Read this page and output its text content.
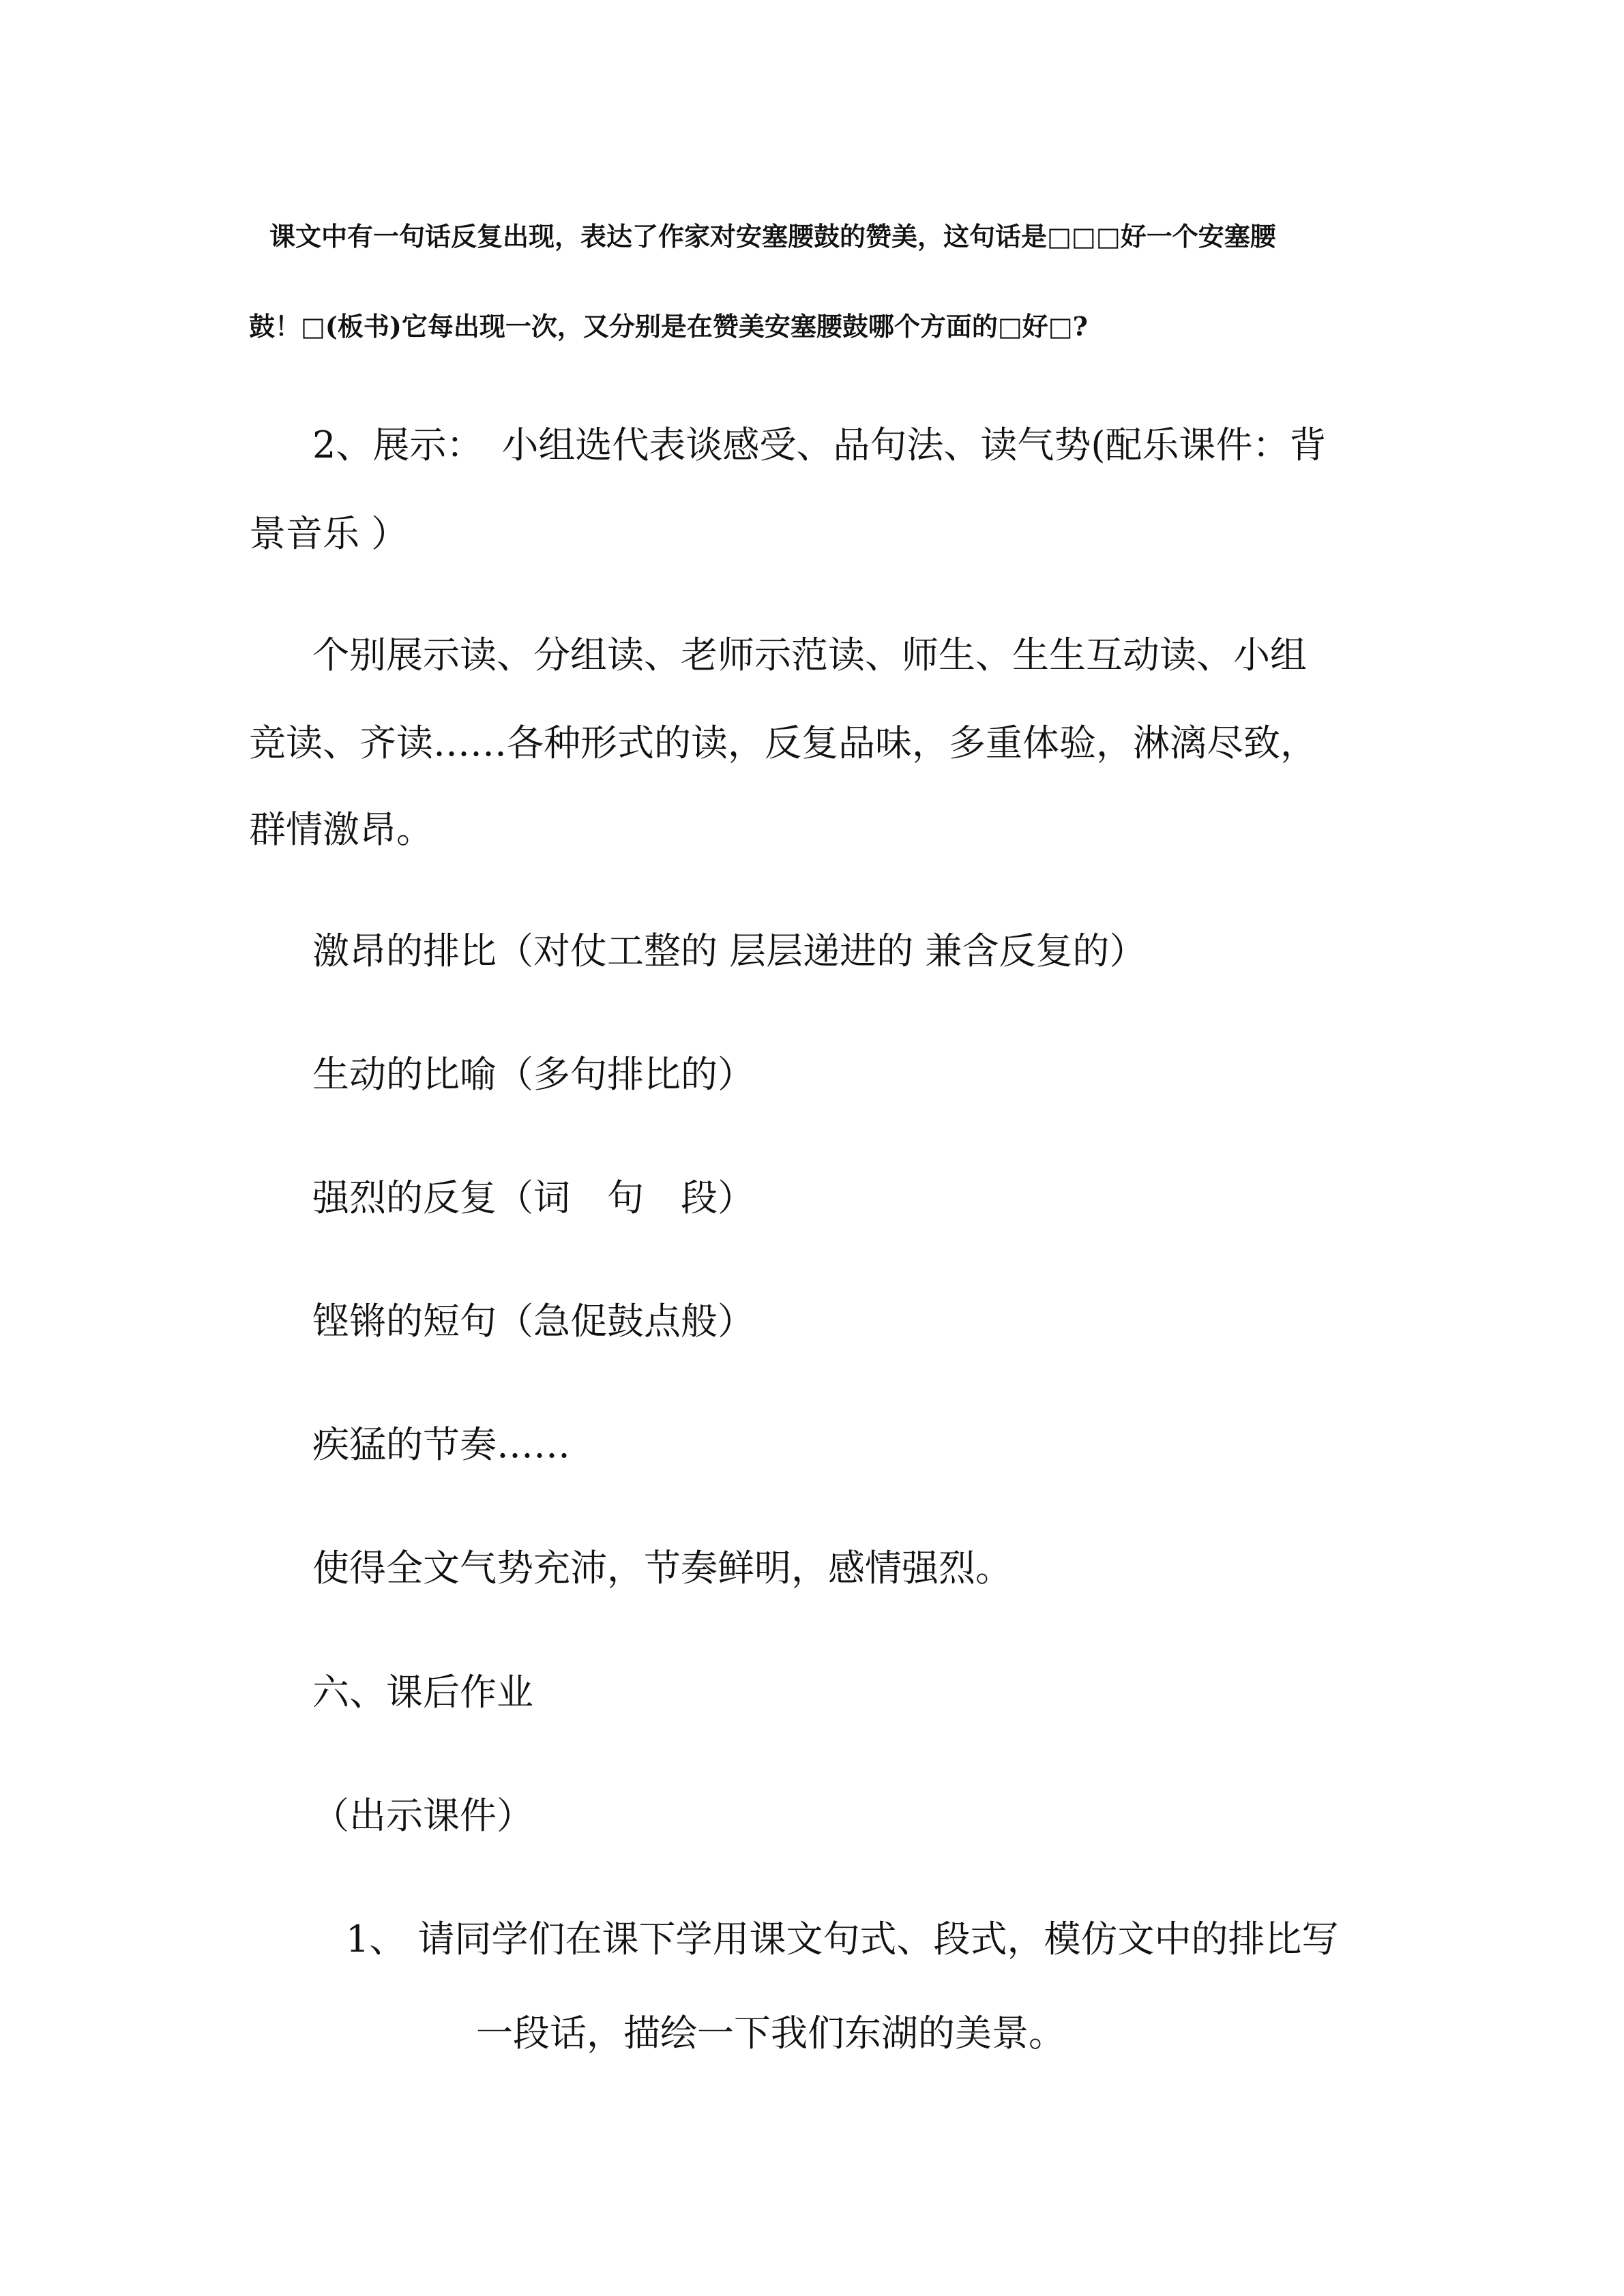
课文中有一句话反复出现，表达了作家对安塞腰鼓的赞美，这句话是□□□好一个安塞腰
鼓！□(板书)它每出现一次，又分别是在赞美安塞腰鼓哪个方面的□好□?
2、展示：　小组选代表谈感受、品句法、读气势(配乐课件：背
景音乐 ）
个别展示读、分组读、老师示范读、师生、生生互动读、小组
竞读、齐读……各种形式的读，反复品味，多重体验，淋漓尽致，
群情激昂。
激昂的排比（对仗工整的 层层递进的 兼含反复的）
生动的比喻（多句排比的）
强烈的反复（词　句　段）
铿锵的短句（急促鼓点般）
疾猛的节奏……
使得全文气势充沛，节奏鲜明，感情强烈。
六、课后作业
（出示课件）
1、 请同学们在课下学用课文句式、段式，模仿文中的排比写
一段话，描绘一下我们东湖的美景。
